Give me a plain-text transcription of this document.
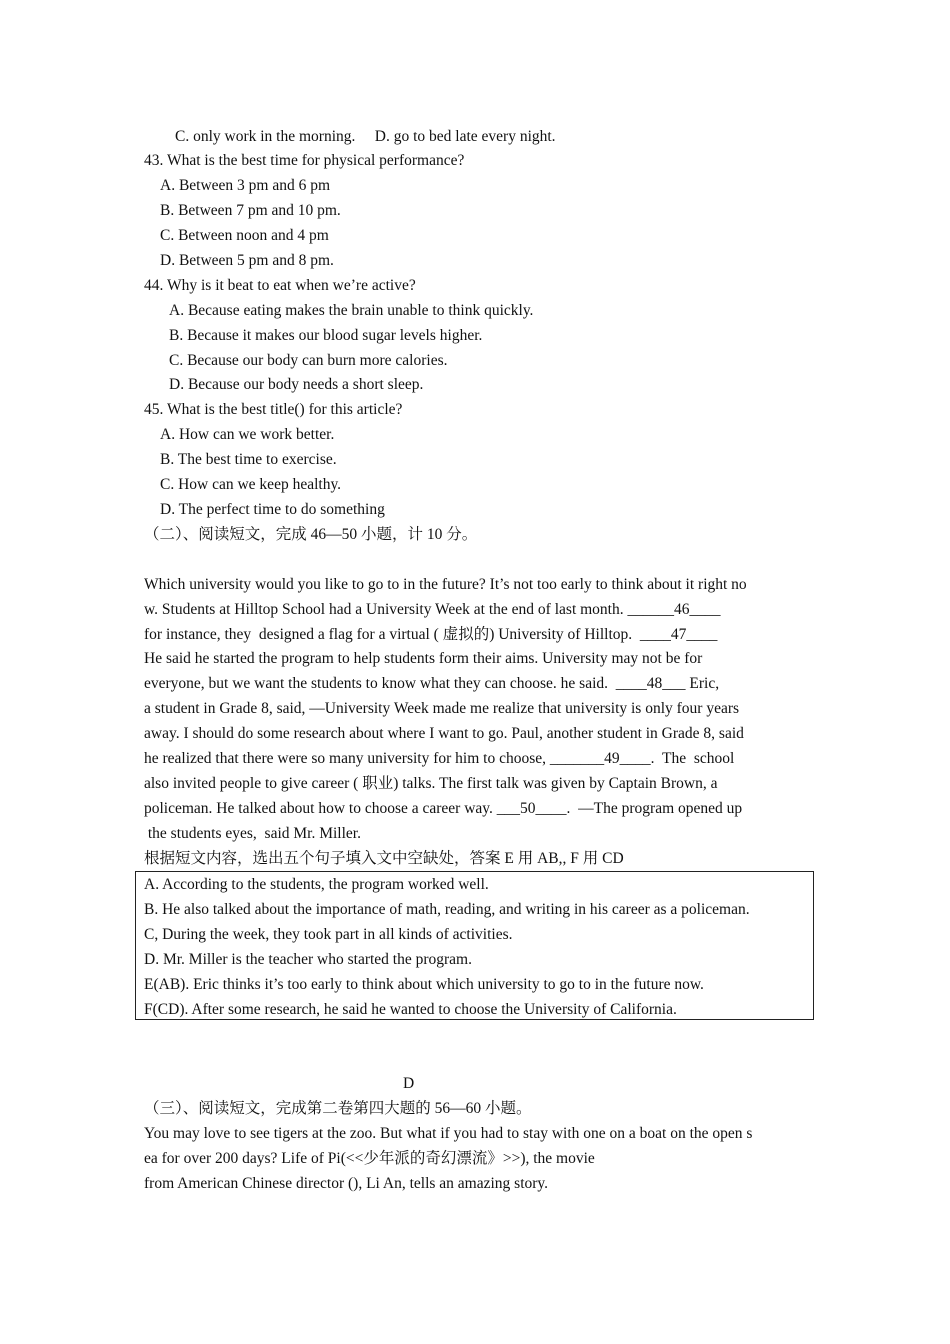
C. only work in the morning.     D. go to bed late every night.
43. What is the best time for physical performance?
A. Between 3 pm and 6 pm
B. Between 7 pm and 10 pm.
C. Between noon and 4 pm
D. Between 5 pm and 8 pm.
44. Why is it beat to eat when we’re active?
A. Because eating makes the brain unable to think quickly.
B. Because it makes our blood sugar levels higher.
C. Because our body can burn more calories.
D. Because our body needs a short sleep.
45. What is the best title() for this article?
A. How can we work better.
B. The best time to exercise.
C. How can we keep healthy.
D. The perfect time to do something
（二）、阅读短文，完成 46—50 小题，计 10 分。
Which university would you like to go to in the future? It’s not too early to think about it right no
w. Students at Hilltop School had a University Week at the end of last month. ______46____
for instance, they  designed a flag for a virtual ( 虚拟的) University of Hilltop.  ____47____
He said he started the program to help students form their aims. University may not be for
everyone, but we want the students to know what they can choose. he said.  ____48___ Eric,
a student in Grade 8, said, —University Week made me realize that university is only four years
away. I should do some research about where I want to go. Paul, another student in Grade 8, said
he realized that there were so many university for him to choose, _______49____.  The  school
also invited people to give career ( 职业) talks. The first talk was given by Captain Brown, a
policeman. He talked about how to choose a career way. ___50____.  —The program opened up
the students eyes,  said Mr. Miller.
根据短文内容，选出五个句子填入文中空缺处，答案 E 用 AB,, F 用 CD
A. According to the students, the program worked well.
B. He also talked about the importance of math, reading, and writing in his career as a policeman.
C, During the week, they took part in all kinds of activities.
D. Mr. Miller is the teacher who started the program.
E(AB). Eric thinks it’s too early to think about which university to go to in the future now.
F(CD). After some research, he said he wanted to choose the University of California.
D
（三）、阅读短文，完成第二卷第四大题的 56—60 小题。
You may love to see tigers at the zoo. But what if you had to stay with one on a boat on the open s
ea for over 200 days? Life of Pi(<<少年派的奇幻漂流》>>), the movie
from American Chinese director (), Li An, tells an amazing story.
